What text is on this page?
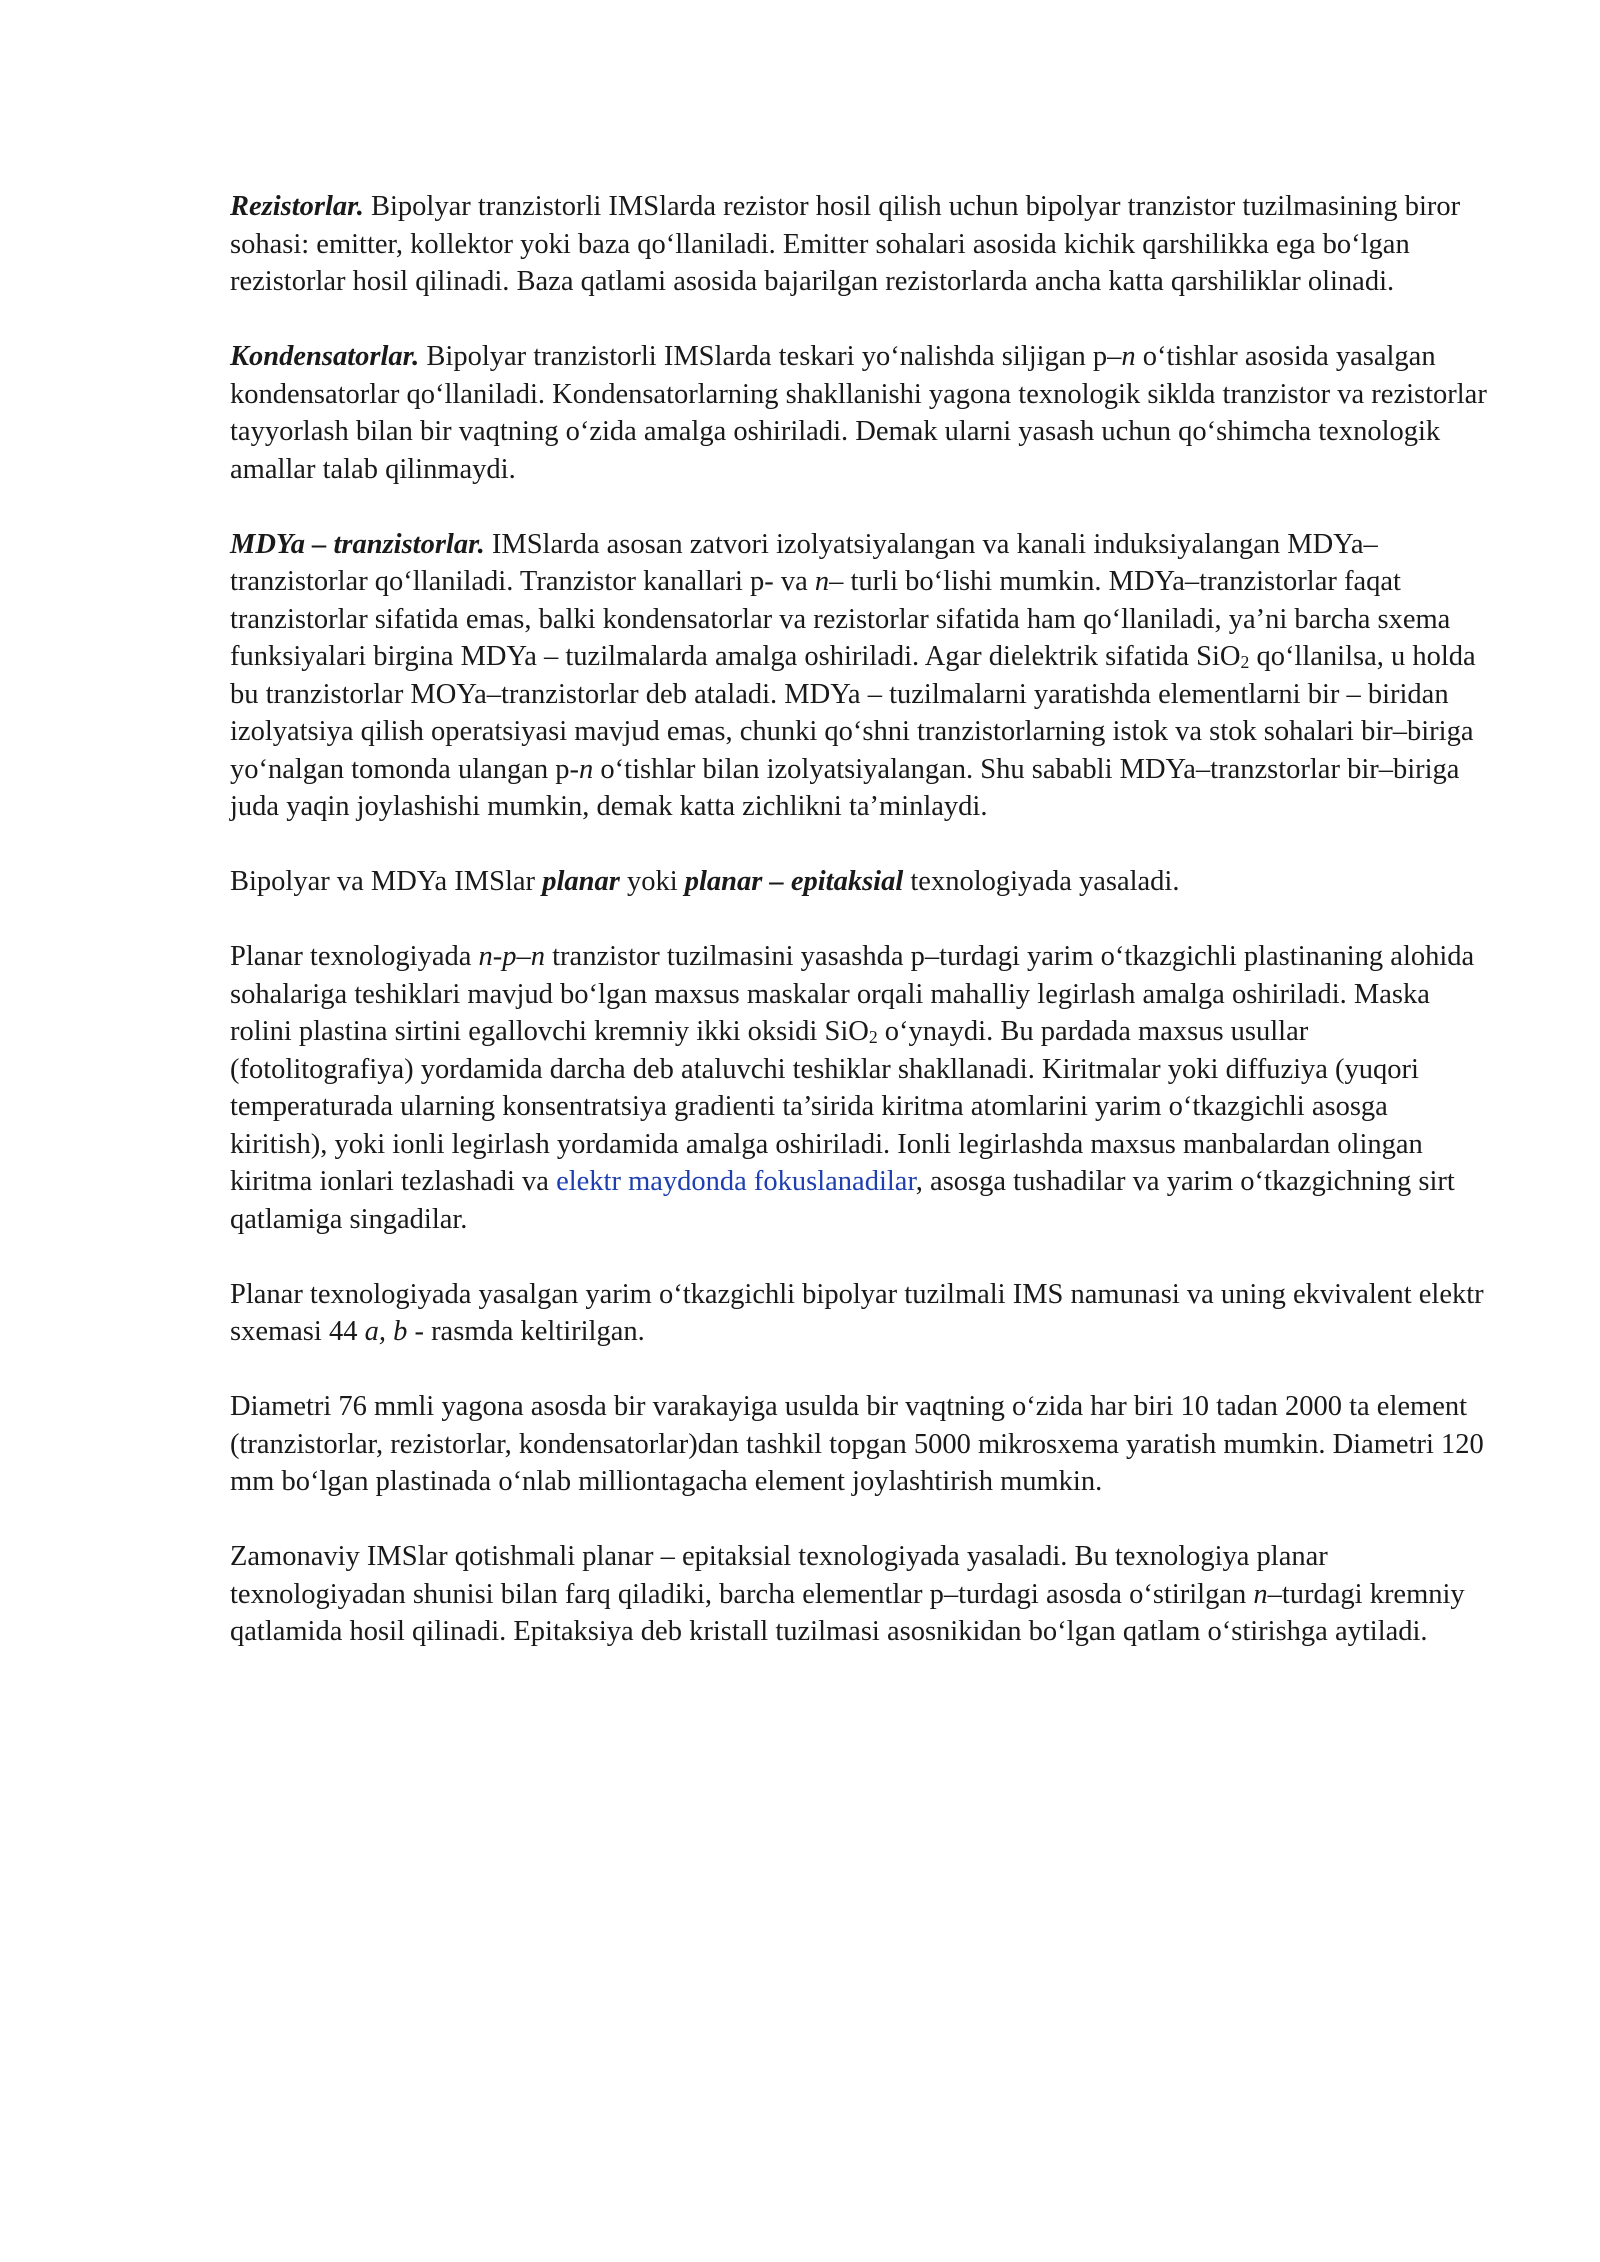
Rezistorlar. Bipolyar tranzistorli IMSlarda rezistor hosil qilish uchun bipolyar tranzistor tuzilmasining biror sohasi: emitter, kollektor yoki baza qo‘llaniladi. Emitter sohalari asosida kichik qarshilikka ega bo‘lgan rezistorlar hosil qilinadi. Baza qatlami asosida bajarilgan rezistorlarda ancha katta qarshiliklar olinadi.

Kondensatorlar. Bipolyar tranzistorli IMSlarda teskari yo‘nalishda siljigan p–n o‘tishlar asosida yasalgan kondensatorlar qo‘llaniladi. Kondensatorlarning shakllanishi yagona texnologik siklda tranzistor va rezistorlar tayyorlash bilan bir vaqtning o‘zida amalga oshiriladi. Demak ularni yasash uchun qo‘shimcha texnologik amallar talab qilinmaydi.

MDYa – tranzistorlar. IMSlarda asosan zatvori izolyatsiyalangan va kanali induksiyalangan MDYa–tranzistorlar qo‘llaniladi. Tranzistor kanallari p- va n– turli bo‘lishi mumkin. MDYa–tranzistorlar faqat tranzistorlar sifatida emas, balki kondensatorlar va rezistorlar sifatida ham qo‘llaniladi, ya’ni barcha sxema funksiyalari birgina MDYa – tuzilmalarda amalga oshiriladi. Agar dielektrik sifatida SiO2 qo‘llanilsa, u holda bu tranzistorlar MOYa–tranzistorlar deb ataladi. MDYa – tuzilmalarni yaratishda elementlarni bir – biridan izolyatsiya qilish operatsiyasi mavjud emas, chunki qo‘shni tranzistorlarning istok va stok sohalari bir–biriga yo‘nalgan tomonda ulangan p-n o‘tishlar bilan izolyatsiyalangan. Shu sababli MDYa–tranzstorlar bir–biriga juda yaqin joylashishi mumkin, demak katta zichlikni ta’minlaydi.

Bipolyar va MDYa IMSlar planar yoki planar – epitaksial texnologiyada yasaladi.

Planar texnologiyada n-p–n tranzistor tuzilmasini yasashda p–turdagi yarim o‘tkazgichli plastinaning alohida sohalariga teshiklari mavjud bo‘lgan maxsus maskalar orqali mahalliy legirlash amalga oshiriladi. Maska rolini plastina sirtini egallovchi kremniy ikki oksidi SiO2 o‘ynaydi. Bu pardada maxsus usullar (fotolitografiya) yordamida darcha deb ataluvchi teshiklar shakllanadi. Kiritmalar yoki diffuziya (yuqori temperaturada ularning konsentratsiya gradienti ta’sirida kiritma atomlarini yarim o‘tkazgichli asosga kiritish), yoki ionli legirlash yordamida amalga oshiriladi. Ionli legirlashda maxsus manbalardan olingan kiritma ionlari tezlashadi va elektr maydonda fokuslanadilar, asosga tushadilar va yarim o‘tkazgichning sirt qatlamiga singadilar.

Planar texnologiyada yasalgan yarim o‘tkazgichli bipolyar tuzilmali IMS namunasi va uning ekvivalent elektr sxemasi 44 a, b - rasmda keltirilgan.

Diametri 76 mmli yagona asosda bir varakayiga usulda bir vaqtning o‘zida har biri 10 tadan 2000 ta element (tranzistorlar, rezistorlar, kondensatorlar)dan tashkil topgan 5000 mikrosxema yaratish mumkin. Diametri 120 mm bo‘lgan plastinada o‘nlab milliontagacha element joylashtirish mumkin.

Zamonaviy IMSlar qotishmali planar – epitaksial texnologiyada yasaladi. Bu texnologiya planar texnologiyadan shunisi bilan farq qiladiki, barcha elementlar p–turdagi asosda o‘stirilgan n–turdagi kremniy qatlamida hosil qilinadi. Epitaksiya deb kristall tuzilmasi asosnikidan bo‘lgan qatlam o‘stirishga aytiladi.
